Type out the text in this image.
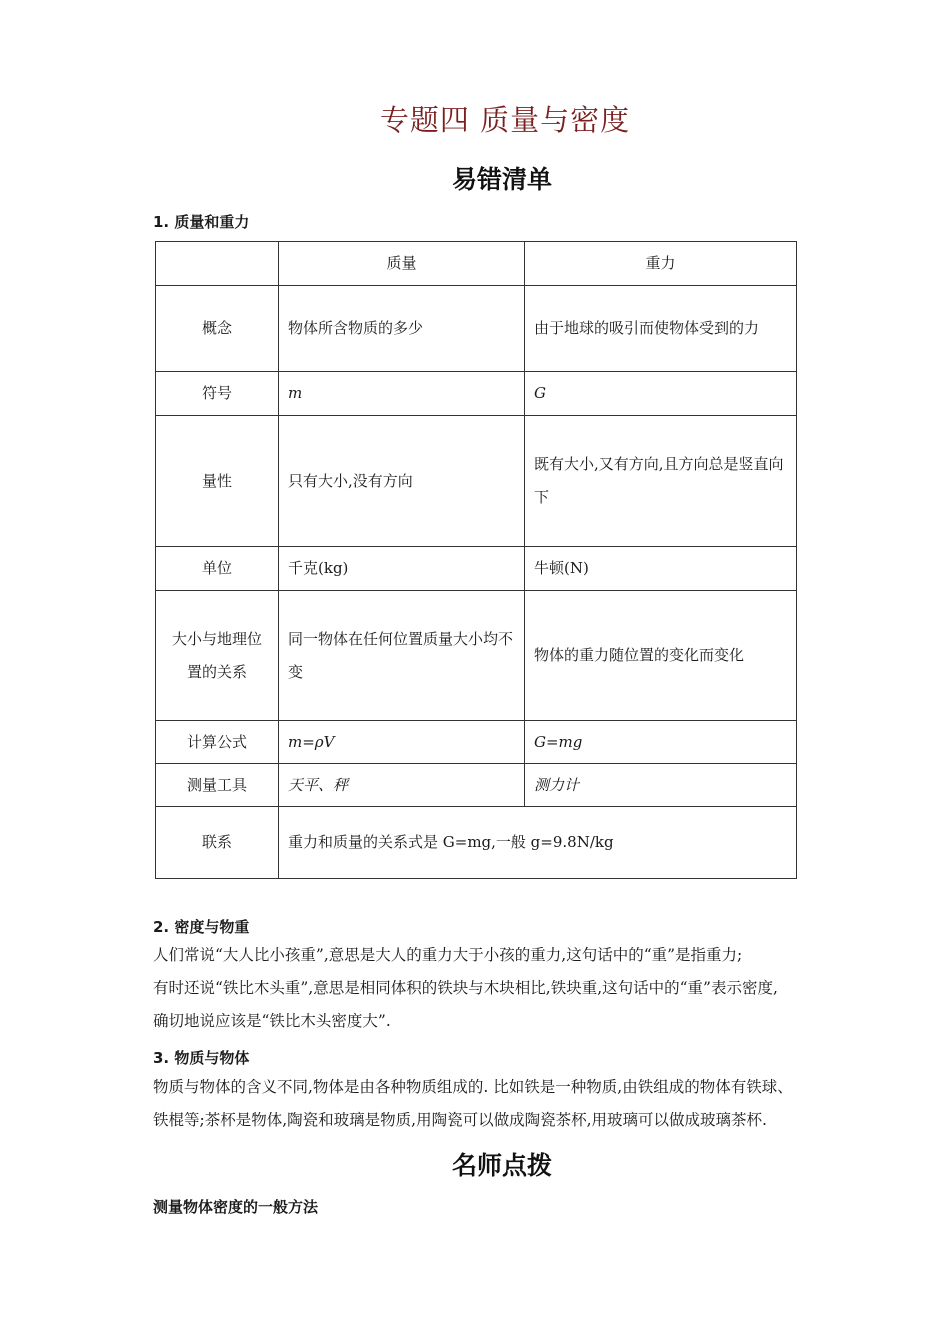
专题四 质量与密度
易错清单
1. 质量和重力
	质量	重力
概念	物体所含物质的多少	由于地球的吸引而使物体受到的力
符号	m	G
量性	只有大小,没有方向	既有大小,又有方向,且方向总是竖直向下
单位	千克(kg)	牛顿(N)
大小与地理位置的关系	同一物体在任何位置质量大小均不变	物体的重力随位置的变化而变化
计算公式	m=ρV	G=mg
测量工具	天平、秤	测力计
联系	重力和质量的关系式是 G=mg,一般 g=9.8N/kg	
2. 密度与物重
人们常说“大人比小孩重”,意思是大人的重力大于小孩的重力,这句话中的“重”是指重力;
有时还说“铁比木头重”,意思是相同体积的铁块与木块相比,铁块重,这句话中的“重”表示密度,
确切地说应该是“铁比木头密度大”.
3. 物质与物体
物质与物体的含义不同,物体是由各种物质组成的. 比如铁是一种物质,由铁组成的物体有铁球、
铁棍等;茶杯是物体,陶瓷和玻璃是物质,用陶瓷可以做成陶瓷茶杯,用玻璃可以做成玻璃茶杯.
名师点拨
测量物体密度的一般方法
